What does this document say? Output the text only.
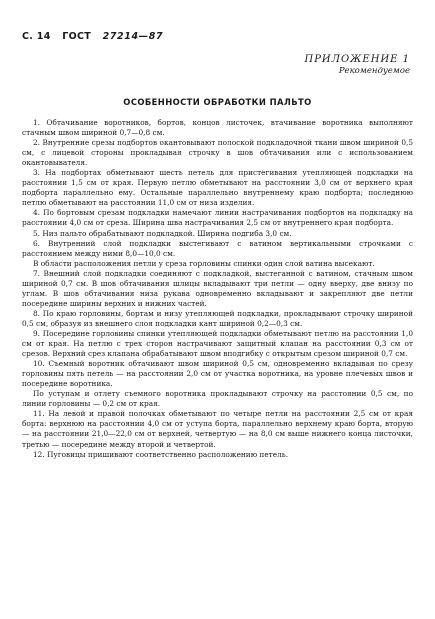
С. 14 ГОСТ 27214—87
ПРИЛОЖЕНИЕ 1
Рекомендуемое
ОСОБЕННОСТИ ОБРАБОТКИ ПАЛЬТО

1. Обтачивание воротников, бортов, концов листочек, втачивание воротника выполняют стачным швом шириной 0,7—0,8 см.

2. Внутренние срезы подбортов окантовывают полоской подкладочной ткани швом шириной 0,5 см, с лицевой стороны прокладывая строчку в шов обтачивания или с использованием окантовывателя.

3. На подбортах обметывают шесть петель для пристегивания утепляющей подкладки на расстоянии 1,5 см от края. Первую петлю обметывают на расстоянии 3,0 см от верхнего края подборта параллельно ему. Остальные параллельно внутреннему краю подборта; последнюю петлю обметывают на расстоянии 11,0 см от низа изделия.

4. По бортовым срезам подкладки намечают линии настрачивания подбортов на подкладку на расстоянии 4,0 см от среза. Ширина шва настрачивания 2,5 см от внутреннего края подборта.

5. Низ пальто обрабатывают подкладкой. Ширина подгиба 3,0 см.

6. Внутренний слой подкладки выстегивают с ватином вертикальными строчками с расстоянием между ними 8,0—10,0 см.

В области расположения петли у среза горловины спинки один слой ватина высекают.

7. Внешний слой подкладки соединяют с подкладкой, выстеганной с ватином, стачным швом шириной 0,7 см. В шов обтачивания шлицы вкладывают три петли — одну вверху, две внизу по углам. В шов обтачивания низа рукава одновременно вкладывают и закрепляют две петли посередине ширины верхних и нижних частей.

8. По краю горловины, бортам и низу утепляющей подкладки, прокладывают строчку шириной 0,5 см, образуя из внешнего слоя подкладки кант шириной 0,2—0,3 см.

9. Посередине горловины спинки утепляющей подкладки обметывают петлю на расстоянии 1,0 см от края. На петлю с трех сторон настрачивают защитный клапан на расстоянии 0,3 см от срезов. Верхний срез клапана обрабатывают швом вподгибку с открытым срезом шириной 0,7 см.

10. Съемный воротник обтачивают швом шириной 0,5 см, одновременно вкладывая по срезу горловины пять петель — на расстоянии 2,0 см от участка воротника, на уровне плечевых швов и посередине воротника.

По уступам и отлету съемного воротника прокладывают строчку на расстоянии 0,5 см, по линии горловины — 0,2 см от края.

11. На левой и правой полочках обметывают по четыре петли на расстоянии 2,5 см от края борта: верхнюю на расстоянии 4,0 см от уступа борта, параллельно верхнему краю борта, вторую — на расстоянии 21,0—22,0 см от верхней, четвертую — на 8,0 см выше нижнего конца листочки, третью — посередине между второй и четвертой.

12. Пуговицы пришивают соответственно расположению петель.
